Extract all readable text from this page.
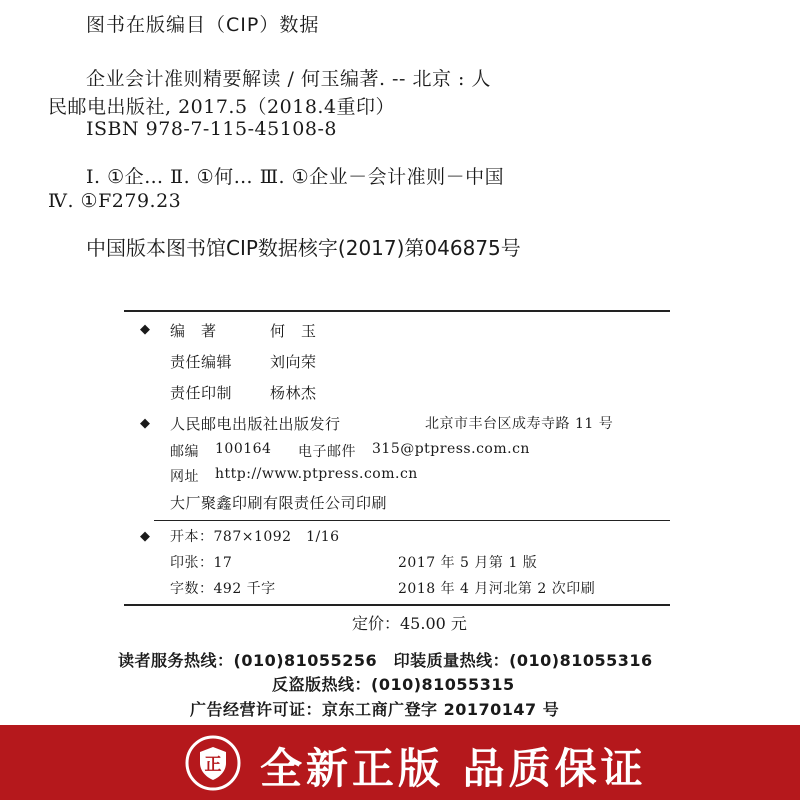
图书在版编目（CIP）数据
企业会计准则精要解读 / 何玉编著. -- 北京 : 人
民邮电出版社, 2017.5（2018.4重印）
ISBN 978-7-115-45108-8
Ⅰ. ①企… Ⅱ. ①何… Ⅲ. ①企业－会计准则－中国
Ⅳ. ①F279.23
中国版本图书馆CIP数据核字(2017)第046875号
◆ 编　著	何　玉
责任编辑	刘向荣
责任印制	杨林杰
◆ 人民邮电出版社出版发行	北京市丰台区成寿寺路 11 号
邮编 100164 电子邮件 315@ptpress.com.cn
网址 http://www.ptpress.com.cn
大厂聚鑫印刷有限责任公司印刷
◆ 开本：787×1092　1/16
印张：17	2017 年 5 月第 1 版
字数：492 千字	2018 年 4 月河北第 2 次印刷
定价：45.00 元
读者服务热线：(010)81055256　印装质量热线：(010)81055316
反盗版热线：(010)81055315
广告经营许可证：京东工商广登字 20170147 号
正 全新正版 品质保证
